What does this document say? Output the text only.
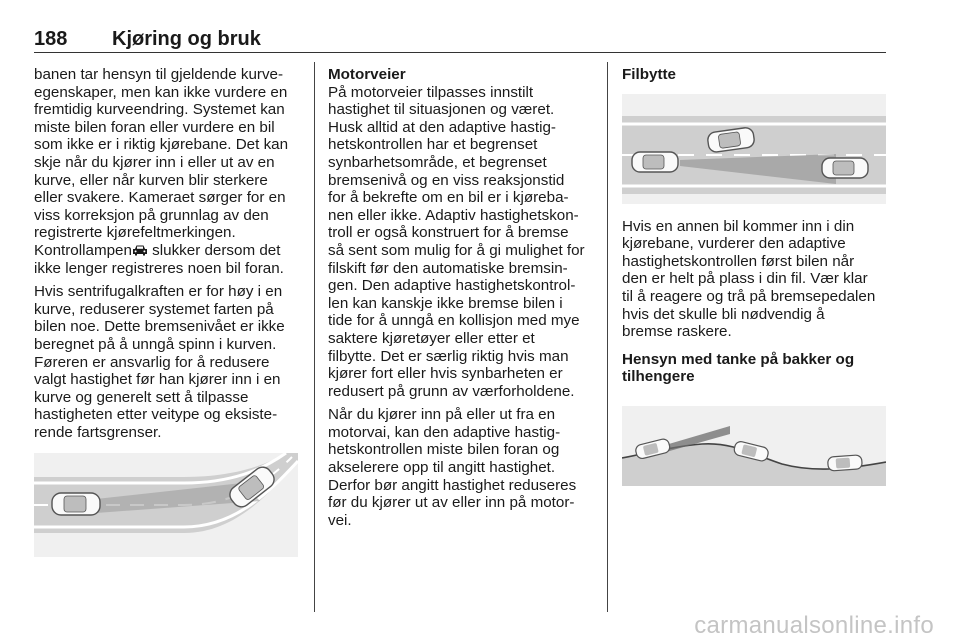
188 Kjøring og bruk

banen tar hensyn til gjeldende kurve-
egenskaper, men kan ikke vurdere en
fremtidig kurveendring. Systemet kan
miste bilen foran eller vurdere en bil
som ikke er i riktig kjørebane. Det kan
skje når du kjører inn i eller ut av en
kurve, eller når kurven blir sterkere
eller svakere. Kameraet sørger for en
viss korreksjon på grunnlag av den
registrerte kjørefeltmerkingen.
Kontrollampen slukker dersom det
ikke lenger registreres noen bil foran.

Hvis sentrifugalkraften er for høy i en
kurve, reduserer systemet farten på
bilen noe. Dette bremsenivået er ikke
beregnet på å unngå spinn i kurven.
Føreren er ansvarlig for å redusere
valgt hastighet før han kjører inn i en
kurve og generelt sett å tilpasse
hastigheten etter veitype og eksiste-
rende fartsgrenser.

Motorveier

På motorveier tilpasses innstilt
hastighet til situasjonen og været.
Husk alltid at den adaptive hastig-
hetskontrollen har et begrenset
synbarhetsområde, et begrenset
bremsenivå og en viss reaksjonstid
for å bekrefte om en bil er i kjøreba-
nen eller ikke. Adaptiv hastighetskon-
troll er også konstruert for å bremse
så sent som mulig for å gi mulighet for
filskift før den automatiske bremsin-
gen. Den adaptive hastighetskontrol-
len kan kanskje ikke bremse bilen i
tide for å unngå en kollisjon med mye
saktere kjøretøyer eller etter et
filbytte. Det er særlig riktig hvis man
kjører fort eller hvis synbarheten er
redusert på grunn av værforholdene.

Når du kjører inn på eller ut fra en
motorvai, kan den adaptive hastig-
hetskontrollen miste bilen foran og
akselerere opp til angitt hastighet.
Derfor bør angitt hastighet reduseres
før du kjører ut av eller inn på motor-
vei.

Filbytte

Hvis en annen bil kommer inn i din
kjørebane, vurderer den adaptive
hastighetskontrollen først bilen når
den er helt på plass i din fil. Vær klar
til å reagere og trå på bremsepedalen
hvis det skulle bli nødvendig å
bremse raskere.

Hensyn med tanke på bakker og
tilhengere
carmanualsonline.info
